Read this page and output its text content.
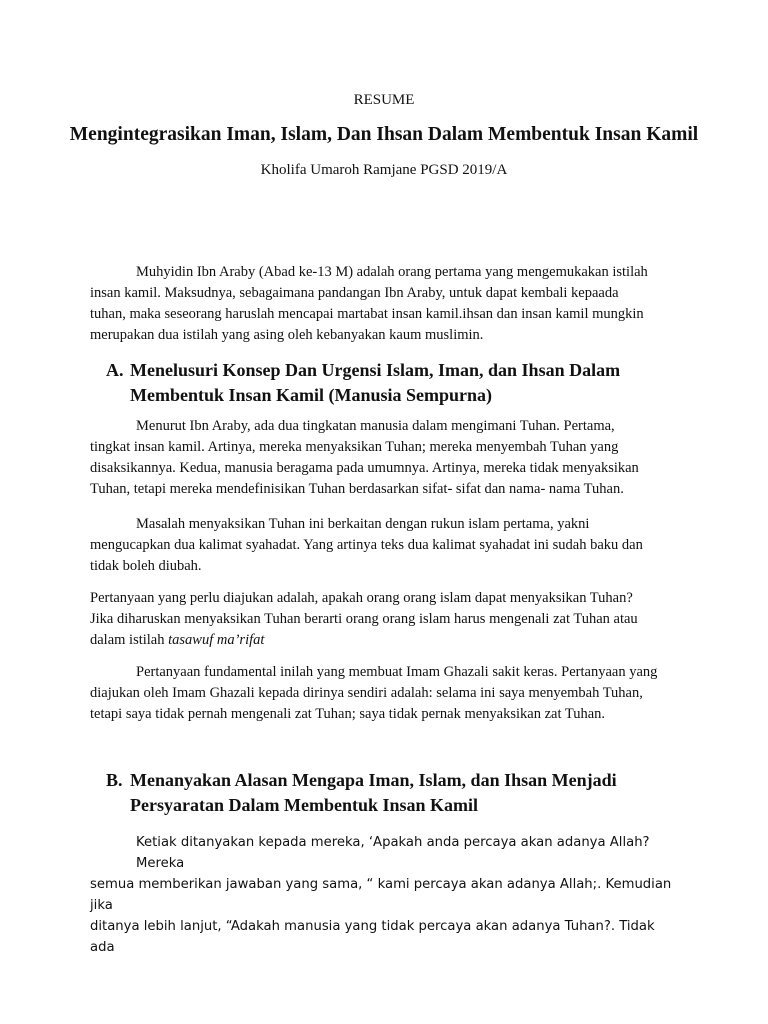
RESUME
Mengintegrasikan Iman, Islam, Dan Ihsan Dalam Membentuk Insan Kamil
Kholifa Umaroh Ramjane PGSD 2019/A

Muhyidin Ibn Araby (Abad ke-13 M) adalah orang pertama yang mengemukakan istilah
insan kamil. Maksudnya, sebagaimana pandangan Ibn Araby, untuk dapat kembali kepaada
tuhan, maka seseorang haruslah mencapai martabat insan kamil.ihsan dan insan kamil mungkin
merupakan dua istilah yang asing oleh kebanyakan kaum muslimin.

A. Menelusuri Konsep Dan Urgensi Islam, Iman, dan Ihsan Dalam
Membentuk Insan Kamil (Manusia Sempurna)

Menurut Ibn Araby, ada dua tingkatan manusia dalam mengimani Tuhan. Pertama,
tingkat insan kamil. Artinya, mereka menyaksikan Tuhan; mereka menyembah Tuhan yang
disaksikannya. Kedua, manusia beragama pada umumnya. Artinya, mereka tidak menyaksikan
Tuhan, tetapi mereka mendefinisikan Tuhan berdasarkan sifat- sifat dan nama- nama Tuhan.

Masalah menyaksikan Tuhan ini berkaitan dengan rukun islam pertama, yakni
mengucapkan dua kalimat syahadat. Yang artinya teks dua kalimat syahadat ini sudah baku dan
tidak boleh diubah.

Pertanyaan yang perlu diajukan adalah, apakah orang orang islam dapat menyaksikan Tuhan?
Jika diharuskan menyaksikan Tuhan berarti orang orang islam harus mengenali zat Tuhan atau
dalam istilah tasawuf ma’rifat

Pertanyaan fundamental inilah yang membuat Imam Ghazali sakit keras. Pertanyaan yang
diajukan oleh Imam Ghazali kepada dirinya sendiri adalah: selama ini saya menyembah Tuhan,
tetapi saya tidak pernah mengenali zat Tuhan; saya tidak pernak menyaksikan zat Tuhan.

B. Menanyakan Alasan Mengapa Iman, Islam, dan Ihsan Menjadi
Persyaratan Dalam Membentuk Insan Kamil

Ketiak ditanyakan kepada mereka, ‘Apakah anda percaya akan adanya Allah? Mereka
semua memberikan jawaban yang sama, “ kami percaya akan adanya Allah;. Kemudian jika
ditanya lebih lanjut, “Adakah manusia yang tidak percaya akan adanya Tuhan?. Tidak ada
